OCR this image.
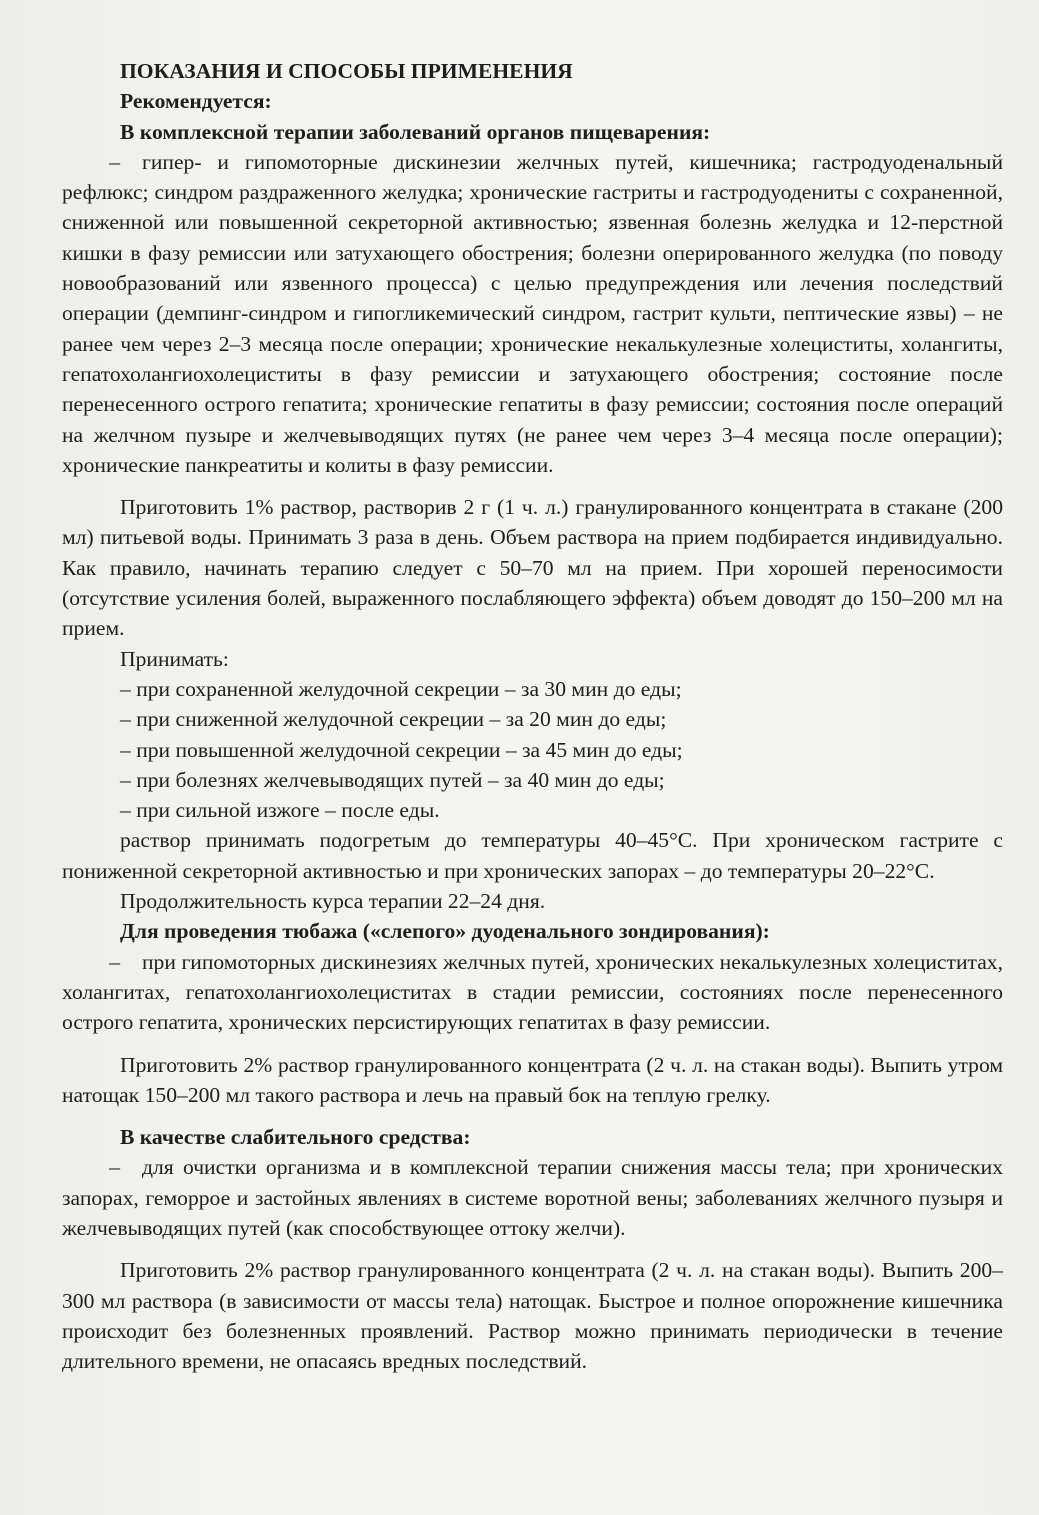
ПОКАЗАНИЯ И СПОСОБЫ ПРИМЕНЕНИЯ

Рекомендуется:

В комплексной терапии заболеваний органов пищеварения:

– гипер- и гипомоторные дискинезии желчных путей, кишечника; гастродуоденальный рефлюкс; синдром раздраженного желудка; хронические гастриты и гастродуодениты с сохраненной, сниженной или повышенной секреторной активностью; язвенная болезнь желудка и 12-перстной кишки в фазу ремиссии или затухающего обострения; болезни оперированного желудка (по поводу новообразований или язвенного процесса) с целью предупреждения или лечения последствий операции (демпинг-синдром и гипогликемический синдром, гастрит культи, пептические язвы) – не ранее чем через 2–3 месяца после операции; хронические некалькулезные холециститы, холангиты, гепатохолангиохолециститы в фазу ремиссии и затухающего обострения; состояние после перенесенного острого гепатита; хронические гепатиты в фазу ремиссии; состояния после операций на желчном пузыре и желчевыводящих путях (не ранее чем через 3–4 месяца после операции); хронические панкреатиты и колиты в фазу ремиссии.

Приготовить 1% раствор, растворив 2 г (1 ч. л.) гранулированного концентрата в стакане (200 мл) питьевой воды. Принимать 3 раза в день. Объем раствора на прием подбирается индивидуально. Как правило, начинать терапию следует с 50–70 мл на прием. При хорошей переносимости (отсутствие усиления болей, выраженного послабляющего эффекта) объем доводят до 150–200 мл на прием.

Принимать:

– при сохраненной желудочной секреции – за 30 мин до еды;

– при сниженной желудочной секреции – за 20 мин до еды;

– при повышенной желудочной секреции – за 45 мин до еды;

– при болезнях желчевыводящих путей – за 40 мин до еды;

– при сильной изжоге – после еды.

раствор принимать подогретым до температуры 40–45°С. При хроническом гастрите с пониженной секреторной активностью и при хронических запорах – до температуры 20–22°С.

Продолжительность курса терапии 22–24 дня.

Для проведения тюбажа («слепого» дуоденального зондирования):

– при гипомоторных дискинезиях желчных путей, хронических некалькулезных холециститах, холангитах, гепатохолангиохолециститах в стадии ремиссии, состояниях после перенесенного острого гепатита, хронических персистирующих гепатитах в фазу ремиссии.

Приготовить 2% раствор гранулированного концентрата (2 ч. л. на стакан воды). Выпить утром натощак 150–200 мл такого раствора и лечь на правый бок на теплую грелку.

В качестве слабительного средства:

– для очистки организма и в комплексной терапии снижения массы тела; при хронических запорах, геморрое и застойных явлениях в системе воротной вены; заболеваниях желчного пузыря и желчевыводящих путей (как способствующее оттоку желчи).

Приготовить 2% раствор гранулированного концентрата (2 ч. л. на стакан воды). Выпить 200–300 мл раствора (в зависимости от массы тела) натощак. Быстрое и полное опорожнение кишечника происходит без болезненных проявлений. Раствор можно принимать периодически в течение длительного времени, не опасаясь вредных последствий.
